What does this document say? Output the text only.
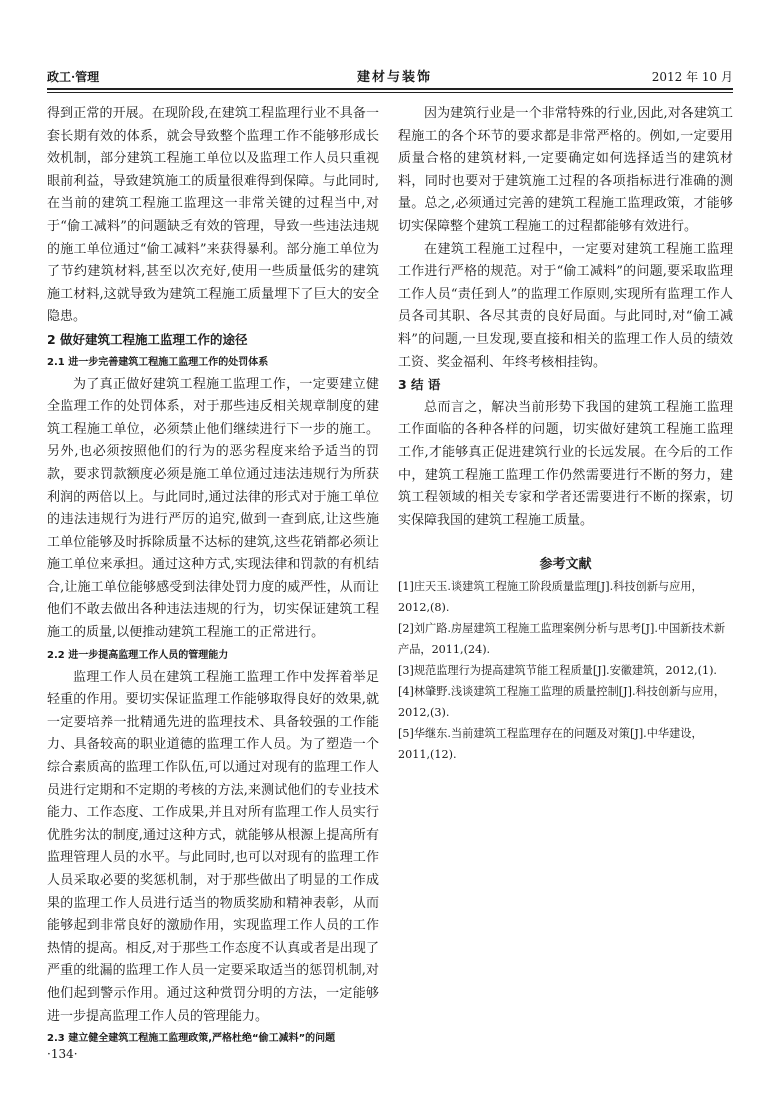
政工·管理	建材与装饰	2012 年 10 月

得到正常的开展。在现阶段,在建筑工程监理行业不具备一套长期有效的体系，就会导致整个监理工作不能够形成长效机制，部分建筑工程施工单位以及监理工作人员只重视眼前利益，导致建筑施工的质量很难得到保障。与此同时,在当前的建筑工程施工监理这一非常关键的过程当中,对于“偷工减料”的问题缺乏有效的管理，导致一些违法违规的施工单位通过“偷工减料”来获得暴利。部分施工单位为了节约建筑材料,甚至以次充好,使用一些质量低劣的建筑施工材料,这就导致为建筑工程施工质量埋下了巨大的安全隐患。

2 做好建筑工程施工监理工作的途径

2.1 进一步完善建筑工程施工监理工作的处罚体系

为了真正做好建筑工程施工监理工作，一定要建立健全监理工作的处罚体系，对于那些违反相关规章制度的建筑工程施工单位，必须禁止他们继续进行下一步的施工。另外,也必须按照他们的行为的恶劣程度来给予适当的罚款，要求罚款额度必须是施工单位通过违法违规行为所获利润的两倍以上。与此同时,通过法律的形式对于施工单位的违法违规行为进行严厉的追究,做到一查到底,让这些施工单位能够及时拆除质量不达标的建筑,这些花销都必须让施工单位来承担。通过这种方式,实现法律和罚款的有机结合,让施工单位能够感受到法律处罚力度的威严性，从而让他们不敢去做出各种违法违规的行为，切实保证建筑工程施工的质量,以便推动建筑工程施工的正常进行。

2.2 进一步提高监理工作人员的管理能力

监理工作人员在建筑工程施工监理工作中发挥着举足轻重的作用。要切实保证监理工作能够取得良好的效果,就一定要培养一批精通先进的监理技术、具备较强的工作能力、具备较高的职业道德的监理工作人员。为了塑造一个综合素质高的监理工作队伍,可以通过对现有的监理工作人员进行定期和不定期的考核的方法,来测试他们的专业技术能力、工作态度、工作成果,并且对所有监理工作人员实行优胜劣汰的制度,通过这种方式，就能够从根源上提高所有监理管理人员的水平。与此同时,也可以对现有的监理工作人员采取必要的奖惩机制，对于那些做出了明显的工作成果的监理工作人员进行适当的物质奖励和精神表彰，从而能够起到非常良好的激励作用，实现监理工作人员的工作热情的提高。相反,对于那些工作态度不认真或者是出现了严重的纰漏的监理工作人员一定要采取适当的惩罚机制,对他们起到警示作用。通过这种赏罚分明的方法，一定能够进一步提高监理工作人员的管理能力。

2.3 建立健全建筑工程施工监理政策,严格杜绝“偷工减料”的问题

因为建筑行业是一个非常特殊的行业,因此,对各建筑工程施工的各个环节的要求都是非常严格的。例如,一定要用质量合格的建筑材料,一定要确定如何选择适当的建筑材料，同时也要对于建筑施工过程的各项指标进行准确的测量。总之,必须通过完善的建筑工程施工监理政策，才能够切实保障整个建筑工程施工的过程都能够有效进行。

在建筑工程施工过程中，一定要对建筑工程施工监理工作进行严格的规范。对于“偷工减料”的问题,要采取监理工作人员“责任到人”的监理工作原则,实现所有监理工作人员各司其职、各尽其责的良好局面。与此同时,对“偷工减料”的问题,一旦发现,要直接和相关的监理工作人员的绩效工资、奖金福利、年终考核相挂钩。

3 结 语

总而言之，解决当前形势下我国的建筑工程施工监理工作面临的各种各样的问题，切实做好建筑工程施工监理工作,才能够真正促进建筑行业的长远发展。在今后的工作中，建筑工程施工监理工作仍然需要进行不断的努力，建筑工程领域的相关专家和学者还需要进行不断的探索，切实保障我国的建筑工程施工质量。

参考文献

[1]庄天玉.谈建筑工程施工阶段质量监理[J].科技创新与应用，2012,(8).

[2]刘广路.房屋建筑工程施工监理案例分析与思考[J].中国新技术新产品，2011,(24).

[3]规范监理行为提高建筑节能工程质量[J].安徽建筑，2012,(1).

[4]林肇野.浅谈建筑工程施工监理的质量控制[J].科技创新与应用，2012,(3).

[5]华继东.当前建筑工程监理存在的问题及对策[J].中华建设，2011,(12).

·134·
